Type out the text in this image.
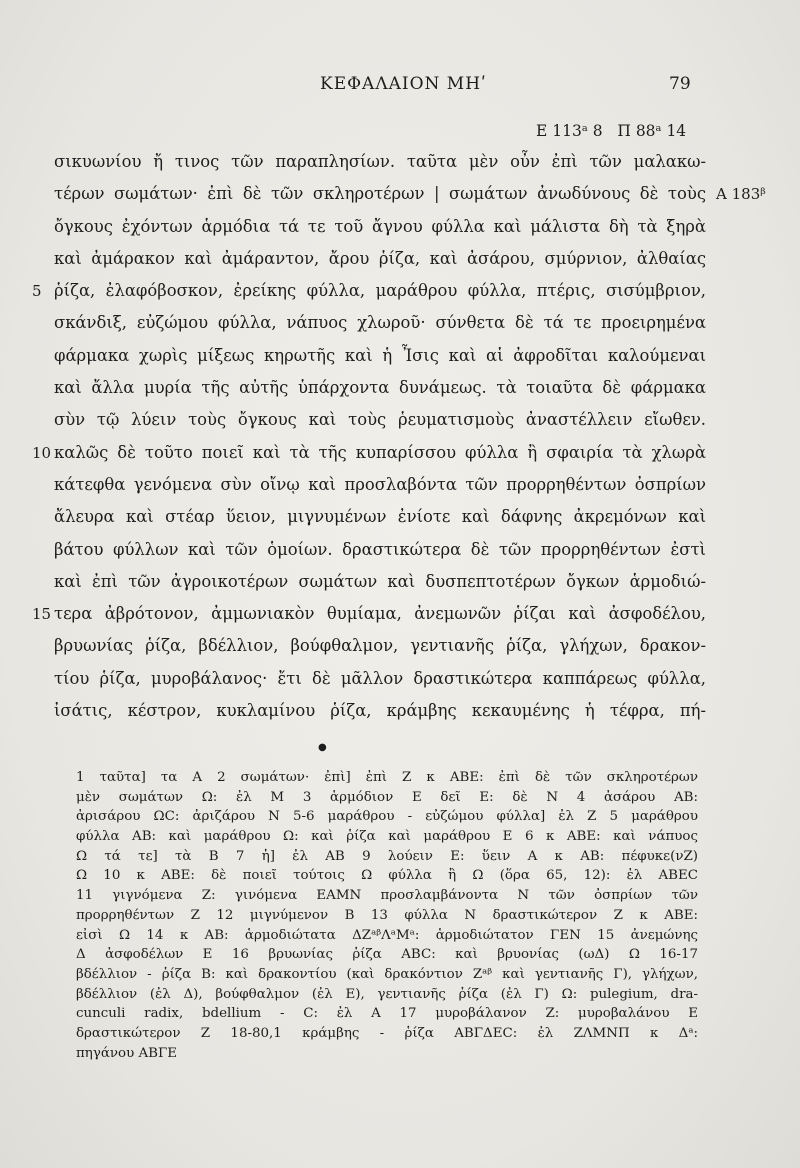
ΚΕΦΑΛΑΙΟΝ ΜΗʹ	79
E 113ᵃ 8   Π 88ᵃ 14
σικυωνίου ἤ τινος τῶν παραπλησίων. ταῦτα μὲν οὖν ἐπὶ τῶν μαλακω-
τέρων σωμάτων· ἐπὶ δὲ τῶν σκληροτέρων | σωμάτων ἀνωδύνους δὲ τοὺς A 183ᵝ
ὄγκους ἐχόντων ἁρμόδια τά τε τοῦ ἄγνου φύλλα καὶ μάλιστα δὴ τὰ ξηρὰ
καὶ ἀμάρακον καὶ ἀμάραντον, ἄρου ῥίζα, καὶ ἀσάρου, σμύρνιον, ἀλθαίας
5 ῥίζα, ἐλαφόβοσκον, ἐρείκης φύλλα, μαράθρου φύλλα, πτέρις, σισύμβριον,
σκάνδιξ, εὐζώμου φύλλα, νάπυος χλωροῦ· σύνθετα δὲ τά τε προειρημένα
φάρμακα χωρὶς μίξεως κηρωτῆς καὶ ἡ Ἶσις καὶ αἱ ἀφροδῖται καλούμεναι
καὶ ἄλλα μυρία τῆς αὐτῆς ὑπάρχοντα δυνάμεως. τὰ τοιαῦτα δὲ φάρμακα
σὺν τῷ λύειν τοὺς ὄγκους καὶ τοὺς ῥευματισμοὺς ἀναστέλλειν εἴωθεν.
10 καλῶς δὲ τοῦτο ποιεῖ καὶ τὰ τῆς κυπαρίσσου φύλλα ἢ σφαιρία τὰ χλωρὰ
κάτεφθα γενόμενα σὺν οἴνῳ καὶ προσλαβόντα τῶν προρρηθέντων ὀσπρίων
ἄλευρα καὶ στέαρ ὕειον, μιγνυμένων ἐνίοτε καὶ δάφνης ἀκρεμόνων καὶ
βάτου φύλλων καὶ τῶν ὁμοίων. δραστικώτερα δὲ τῶν προρρηθέντων ἐστὶ
καὶ ἐπὶ τῶν ἀγροικοτέρων σωμάτων καὶ δυσπεπτοτέρων ὄγκων ἁρμοδιώ-
15 τερα ἀβρότονον, ἀμμωνιακὸν θυμίαμα, ἀνεμωνῶν ῥίζαι καὶ ἀσφοδέλου,
βρυωνίας ῥίζα, βδέλλιον, βούφθαλμον, γεντιανῆς ῥίζα, γλήχων, δρακον-
τίου ῥίζα, μυροβάλανος· ἔτι δὲ μᾶλλον δραστικώτερα καππάρεως φύλλα,
ἰσάτις, κέστρον, κυκλαμίνου ῥίζα, κράμβης κεκαυμένης ἡ τέφρα, πή-
●
1 ταῦτα] τα A 2 σωμάτων· ἐπὶ] ἐπὶ Z κ ABE: ἐπὶ δὲ τῶν σκληροτέρων
μὲν σωμάτων Ω: ἐλ M 3 ἁρμόδιον E δεῖ E: δὲ N 4 ἀσάρου AB:
ἀρισάρου ΩC: ἀριζάρου N 5-6 μαράθρου - εὐζώμου φύλλα] ἐλ Z 5 μαράθρου
φύλλα AB: καὶ μαράθρου Ω: καὶ ῥίζα καὶ μαράθρου E 6 κ ABE: καὶ νάπυος
Ω τά τε] τὰ B 7 ἡ] ἐλ AB 9 λούειν E: ὕειν A κ AB: πέφυκε(νZ)
Ω 10 κ ABE: δὲ ποιεῖ τούτοις Ω φύλλα ἢ Ω (ὅρα 65, 12): ἐλ ABEC
11 γιγνόμενα Z: γινόμενα EAMN προσλαμβάνοντα N τῶν ὀσπρίων τῶν
προρρηθέντων Z 12 μιγνύμενον B 13 φύλλα N δραστικώτερον Z κ ABE:
εἰσὶ Ω 14 κ AB: ἁρμοδιώτατα ΔZᵃᵝΛᵃMᵃ: ἁρμοδιώτατον ΓEN 15 ἀνεμώνης
Δ ἀσφοδέλων E 16 βρυωνίας ῥίζα ABC: καὶ βρυονίας (ωΔ) Ω 16-17
βδέλλιον - ῥίζα B: καὶ δρακοντίου (καὶ δρακόντιον Zᵃᵝ καὶ γεντιανῆς Γ), γλήχων,
βδέλλιον (ἐλ Δ), βούφθαλμον (ἐλ E), γεντιανῆς ῥίζα (ἐλ Γ) Ω: pulegium, dra-
cunculi radix, bdellium - C: ἐλ A 17 μυροβάλανον Z: μυροβαλάνου E
δραστικώτερον Z 18-80,1 κράμβης - ῥίζα ΑΒΓΔΕC: ἐλ ZΛMNΠ κ Δᵃ:
πηγάνου ABΓE
